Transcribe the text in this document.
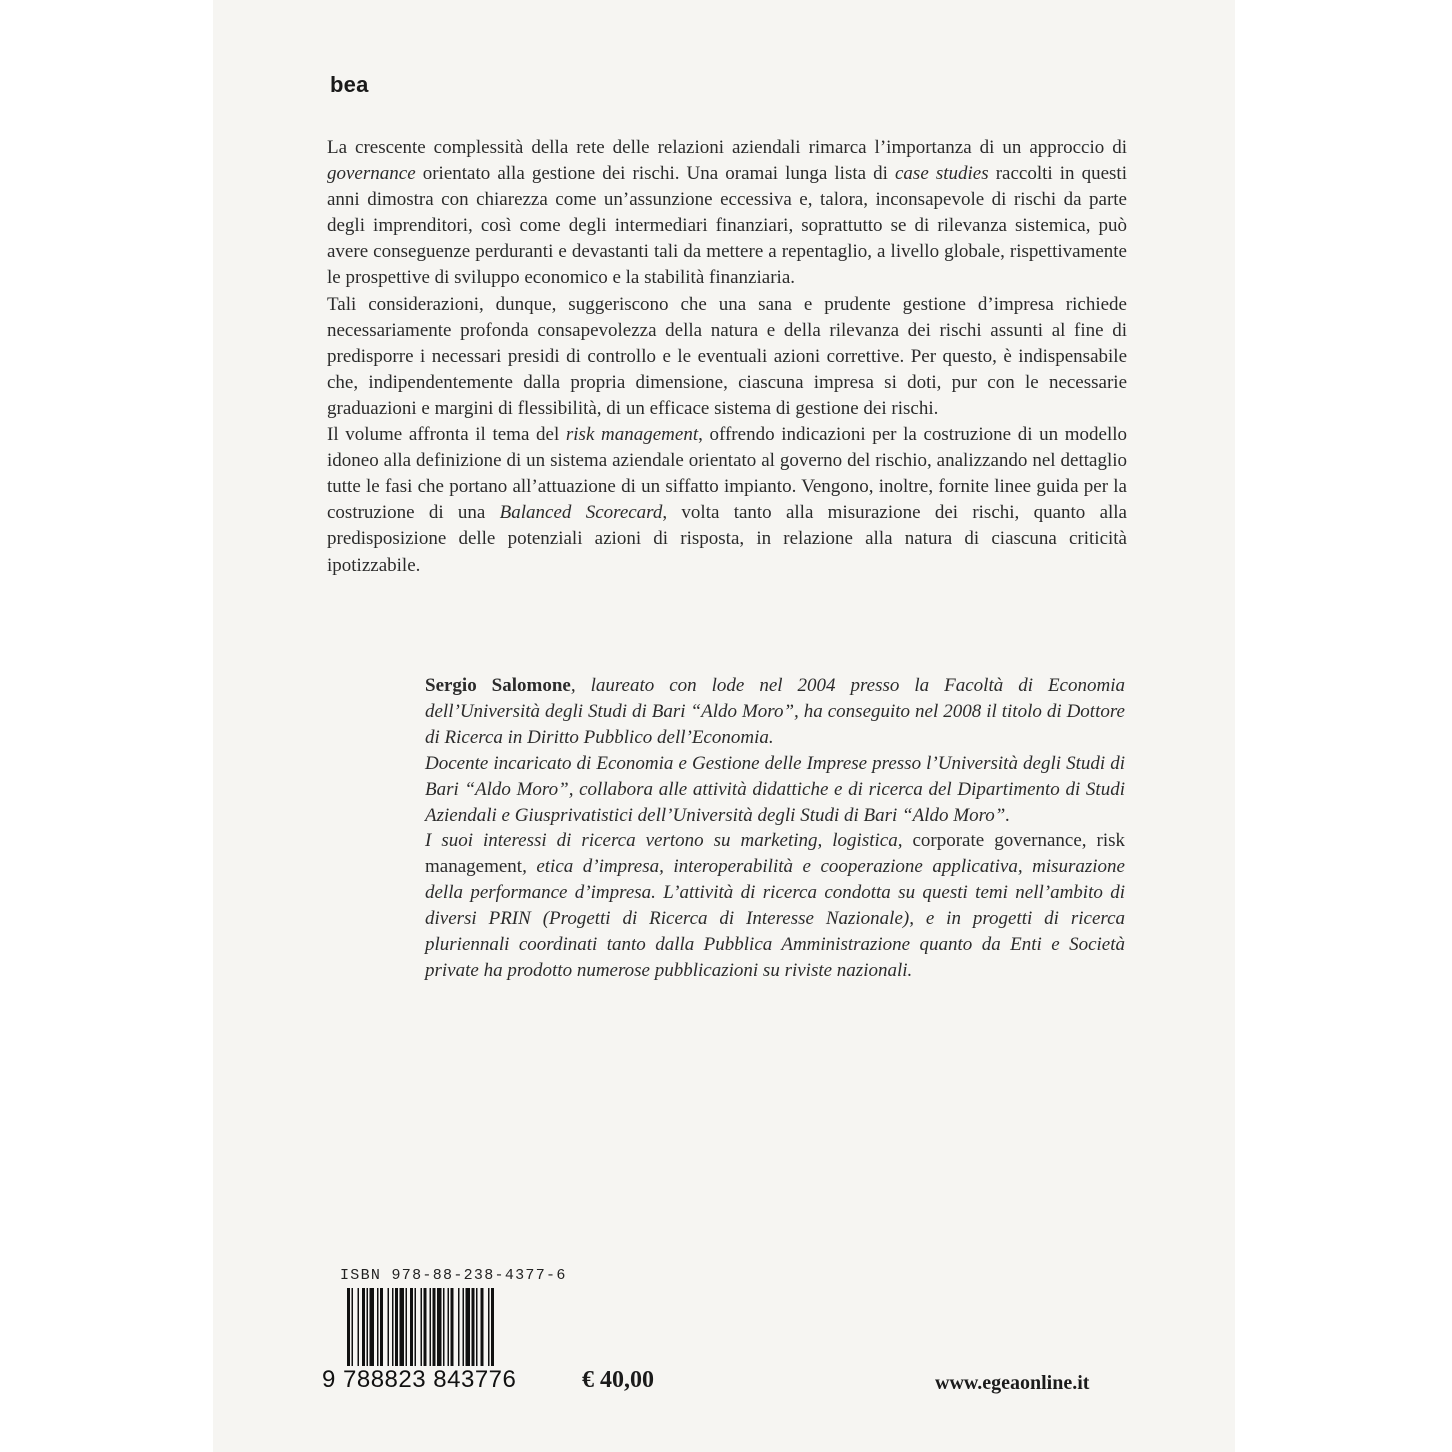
bea

La crescente complessità della rete delle relazioni aziendali rimarca l’importanza di un approccio di governance orientato alla gestione dei rischi. Una oramai lunga lista di case studies raccolti in questi anni dimostra con chiarezza come un’assunzione eccessiva e, talora, inconsapevole di rischi da parte degli imprenditori, così come degli intermediari finanziari, soprattutto se di rilevanza sistemica, può avere conseguenze perduranti e devastanti tali da mettere a repentaglio, a livello globale, rispettivamente le prospettive di sviluppo economico e la stabilità finanziaria.

Tali considerazioni, dunque, suggeriscono che una sana e prudente gestione d’impresa richiede necessariamente profonda consapevolezza della natura e della rilevanza dei rischi assunti al fine di predisporre i necessari presidi di controllo e le eventuali azioni correttive. Per questo, è indispensabile che, indipendentemente dalla propria dimensione, ciascuna impresa si doti, pur con le necessarie graduazioni e margini di flessibilità, di un efficace sistema di gestione dei rischi.

Il volume affronta il tema del risk management, offrendo indicazioni per la costruzione di un modello idoneo alla definizione di un sistema aziendale orientato al governo del rischio, analizzando nel dettaglio tutte le fasi che portano all’attuazione di un siffatto impianto. Vengono, inoltre, fornite linee guida per la costruzione di una Balanced Scorecard, volta tanto alla misurazione dei rischi, quanto alla predisposizione delle potenziali azioni di risposta, in relazione alla natura di ciascuna criticità ipotizzabile.

Sergio Salomone, laureato con lode nel 2004 presso la Facoltà di Economia dell’Università degli Studi di Bari “Aldo Moro”, ha conseguito nel 2008 il titolo di Dottore di Ricerca in Diritto Pubblico dell’Economia.

Docente incaricato di Economia e Gestione delle Imprese presso l’Università degli Studi di Bari “Aldo Moro”, collabora alle attività didattiche e di ricerca del Dipartimento di Studi Aziendali e Giusprivatistici dell’Università degli Studi di Bari “Aldo Moro”.

I suoi interessi di ricerca vertono su marketing, logistica, corporate governance, risk management, etica d’impresa, interoperabilità e cooperazione applicativa, misurazione della performance d’impresa. L’attività di ricerca condotta su questi temi nell’ambito di diversi PRIN (Progetti di Ricerca di Interesse Nazionale), e in progetti di ricerca pluriennali coordinati tanto dalla Pubblica Amministrazione quanto da Enti e Società private ha prodotto numerose pubblicazioni su riviste nazionali.

ISBN 978-88-238-4377-6
9 788823 843776	€ 40,00	www.egeaonline.it
